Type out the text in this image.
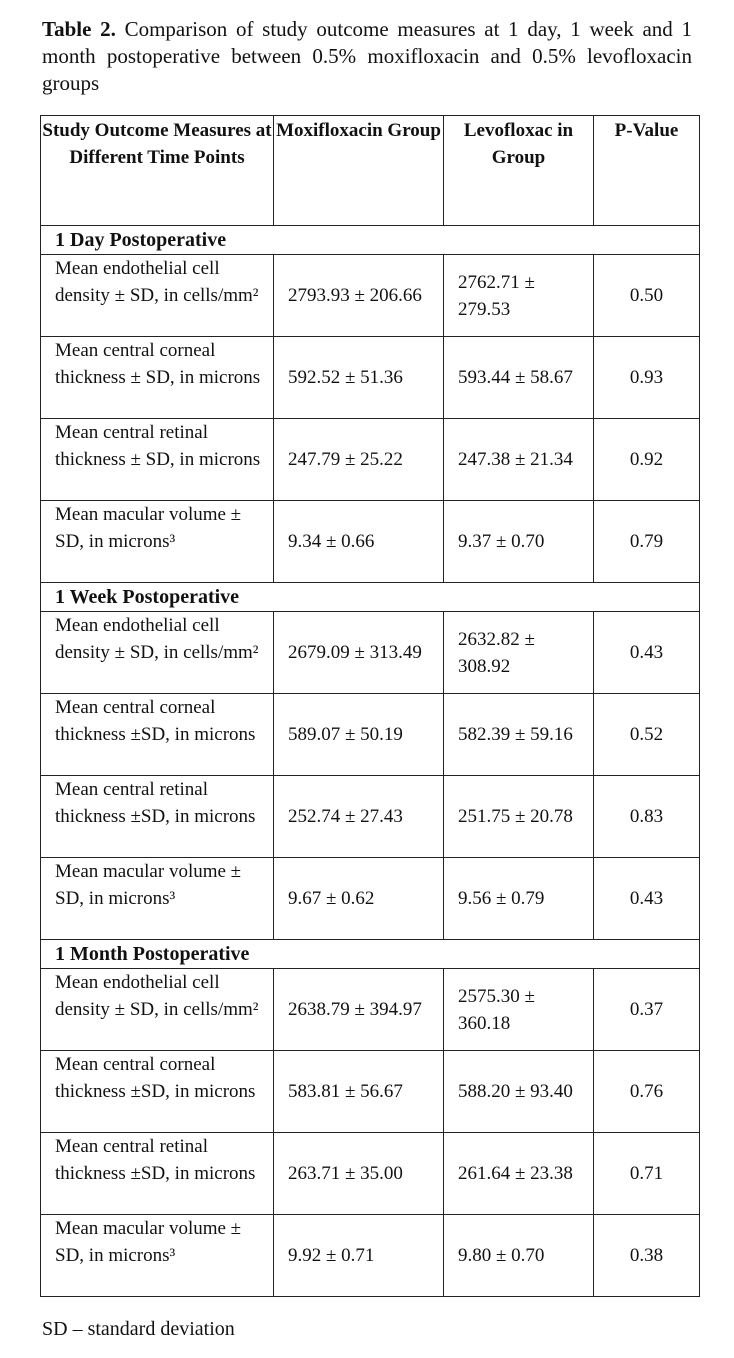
Table 2. Comparison of study outcome measures at 1 day, 1 week and 1 month postoperative between 0.5% moxifloxacin and 0.5% levofloxacin groups
Study Outcome Measures at Different Time Points	Moxifloxacin Group	Levofloxac in Group	P-Value
1 Day Postoperative			
Mean endothelial cell density ± SD, in cells/mm²	2793.93 ± 206.66	2762.71 ± 279.53	0.50
Mean central corneal thickness ± SD, in microns	592.52 ± 51.36	593.44 ± 58.67	0.93
Mean central retinal thickness ± SD, in microns	247.79 ± 25.22	247.38 ± 21.34	0.92
Mean macular volume ± SD, in microns³	9.34 ± 0.66	9.37 ± 0.70	0.79
1 Week Postoperative			
Mean endothelial cell density ± SD, in cells/mm²	2679.09 ± 313.49	2632.82 ± 308.92	0.43
Mean central corneal thickness ±SD, in microns	589.07 ± 50.19	582.39 ± 59.16	0.52
Mean central retinal thickness ±SD, in microns	252.74 ± 27.43	251.75 ± 20.78	0.83
Mean macular volume ± SD, in microns³	9.67 ± 0.62	9.56 ± 0.79	0.43
1 Month Postoperative			
Mean endothelial cell density ± SD, in cells/mm²	2638.79 ± 394.97	2575.30 ± 360.18	0.37
Mean central corneal thickness ±SD, in microns	583.81 ± 56.67	588.20 ± 93.40	0.76
Mean central retinal thickness ±SD, in microns	263.71 ± 35.00	261.64 ± 23.38	0.71
Mean macular volume ± SD, in microns³	9.92 ± 0.71	9.80 ± 0.70	0.38
SD – standard deviation
